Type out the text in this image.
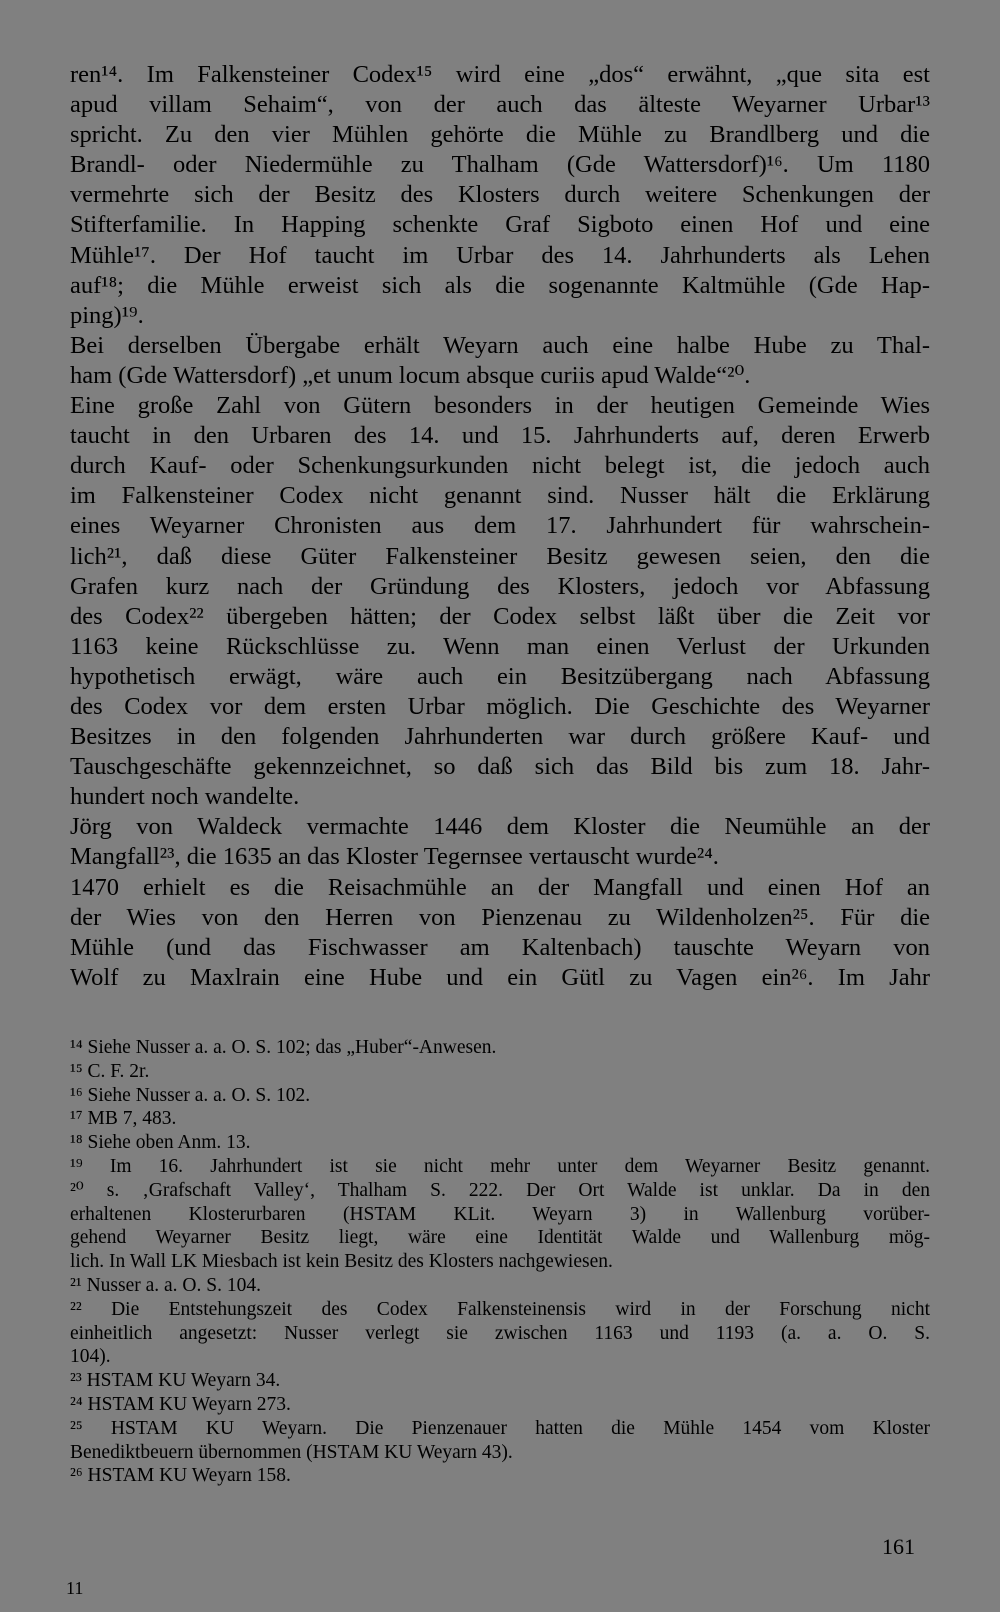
ren¹⁴. Im Falkensteiner Codex¹⁵ wird eine „dos“ erwähnt, „que sita est
apud villam Sehaim“, von der auch das älteste Weyarner Urbar¹³
spricht. Zu den vier Mühlen gehörte die Mühle zu Brandlberg und die
Brandl- oder Niedermühle zu Thalham (Gde Wattersdorf)¹⁶. Um 1180
vermehrte sich der Besitz des Klosters durch weitere Schenkungen der
Stifterfamilie. In Happing schenkte Graf Sigboto einen Hof und eine
Mühle¹⁷. Der Hof taucht im Urbar des 14. Jahrhunderts als Lehen
auf¹⁸; die Mühle erweist sich als die sogenannte Kaltmühle (Gde Hap-
ping)¹⁹.
Bei derselben Übergabe erhält Weyarn auch eine halbe Hube zu Thal-
ham (Gde Wattersdorf) „et unum locum absque curiis apud Walde“²⁰.
Eine große Zahl von Gütern besonders in der heutigen Gemeinde Wies
taucht in den Urbaren des 14. und 15. Jahrhunderts auf, deren Erwerb
durch Kauf- oder Schenkungsurkunden nicht belegt ist, die jedoch auch
im Falkensteiner Codex nicht genannt sind. Nusser hält die Erklärung
eines Weyarner Chronisten aus dem 17. Jahrhundert für wahrschein-
lich²¹, daß diese Güter Falkensteiner Besitz gewesen seien, den die
Grafen kurz nach der Gründung des Klosters, jedoch vor Abfassung
des Codex²² übergeben hätten; der Codex selbst läßt über die Zeit vor
1163 keine Rückschlüsse zu. Wenn man einen Verlust der Urkunden
hypothetisch erwägt, wäre auch ein Besitzübergang nach Abfassung
des Codex vor dem ersten Urbar möglich. Die Geschichte des Weyarner
Besitzes in den folgenden Jahrhunderten war durch größere Kauf- und
Tauschgeschäfte gekennzeichnet, so daß sich das Bild bis zum 18. Jahr-
hundert noch wandelte.
Jörg von Waldeck vermachte 1446 dem Kloster die Neumühle an der
Mangfall²³, die 1635 an das Kloster Tegernsee vertauscht wurde²⁴.
1470 erhielt es die Reisachmühle an der Mangfall und einen Hof an
der Wies von den Herren von Pienzenau zu Wildenholzen²⁵. Für die
Mühle (und das Fischwasser am Kaltenbach) tauschte Weyarn von
Wolf zu Maxlrain eine Hube und ein Gütl zu Vagen ein²⁶. Im Jahr
¹⁴ Siehe Nusser a. a. O. S. 102; das „Huber“-Anwesen.
¹⁵ C. F. 2r.
¹⁶ Siehe Nusser a. a. O. S. 102.
¹⁷ MB 7, 483.
¹⁸ Siehe oben Anm. 13.
¹⁹ Im 16. Jahrhundert ist sie nicht mehr unter dem Weyarner Besitz genannt.
²⁰ s. ‚Grafschaft Valley‘, Thalham S. 222. Der Ort Walde ist unklar. Da in den
erhaltenen Klosterurbaren (HSTAM KLit. Weyarn 3) in Wallenburg vorüber-
gehend Weyarner Besitz liegt, wäre eine Identität Walde und Wallenburg mög-
lich. In Wall LK Miesbach ist kein Besitz des Klosters nachgewiesen.
²¹ Nusser a. a. O. S. 104.
²² Die Entstehungszeit des Codex Falkensteinensis wird in der Forschung nicht
einheitlich angesetzt: Nusser verlegt sie zwischen 1163 und 1193 (a. a. O. S.
104).
²³ HSTAM KU Weyarn 34.
²⁴ HSTAM KU Weyarn 273.
²⁵ HSTAM KU Weyarn. Die Pienzenauer hatten die Mühle 1454 vom Kloster
Benediktbeuern übernommen (HSTAM KU Weyarn 43).
²⁶ HSTAM KU Weyarn 158.
161
11
